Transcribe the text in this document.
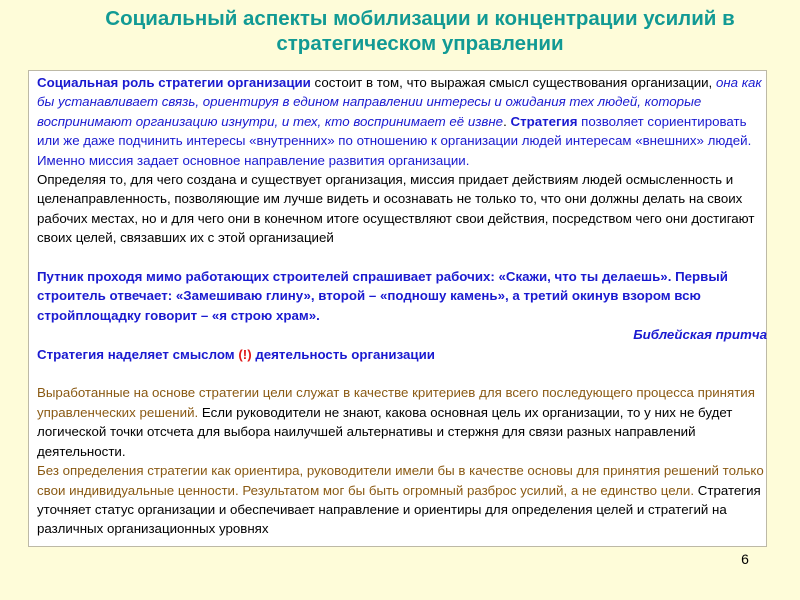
Социальный аспекты мобилизации и концентрации усилий в стратегическом управлении

Социальная роль стратегии организации состоит в том, что выражая смысл существования организации, она как бы устанавливает связь, ориентируя в едином направлении интересы и ожидания тех людей, которые воспринимают организацию изнутри, и тех, кто воспринимает её извне. Стратегия позволяет сориентировать или же даже подчинить интересы «внутренних» по отношению к организации людей интересам «внешних» людей. Именно миссия задает основное направление развития организации.

Определяя то, для чего создана и существует организация, миссия придает действиям людей осмысленность и целенаправленность, позволяющие им лучше видеть и осознавать не только то, что они должны делать на своих рабочих местах, но и для чего они в конечном итоге осуществляют свои действия, посредством чего они достигают своих целей, связавших их с этой организацией

Путник проходя мимо работающих строителей спрашивает рабочих: «Скажи, что ты делаешь». Первый строитель отвечает: «Замешиваю глину», второй – «подношу камень», а третий окинув взором всю стройплощадку говорит – «я строю храм».

Библейская притча

Стратегия наделяет смыслом (!) деятельность организации

Выработанные на основе стратегии цели служат в качестве критериев для всего последующего процесса принятия управленческих решений. Если руководители не знают, какова основная цель их организации, то у них не будет логической точки отсчета для выбора наилучшей альтернативы и стержня для связи разных направлений деятельности.

Без определения стратегии как ориентира, руководители имели бы в качестве основы для принятия решений только свои индивидуальные ценности. Результатом мог бы быть огромный разброс усилий, а не единство цели. Стратегия уточняет статус организации и обеспечивает направление и ориентиры для определения целей и стратегий на различных организационных уровнях

6
